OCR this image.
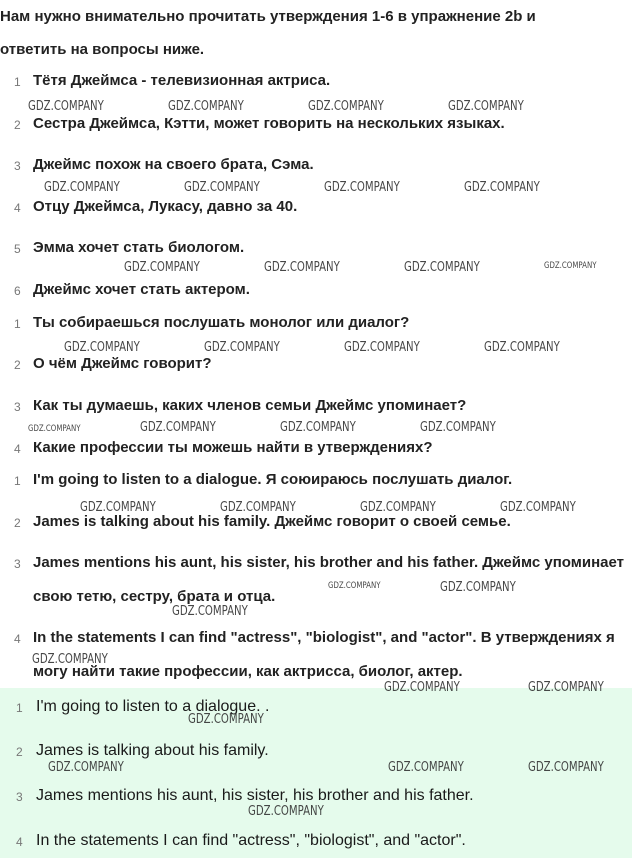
Нам нужно внимательно прочитать утверждения 1-6 в упражнение 2b и
ответить на вопросы ниже.
1 Тётя Джеймса - телевизионная актриса.
2 Сестра Джеймса, Кэтти, может говорить на нескольких языках.
3 Джеймс похож на своего брата, Сэма.
4 Отцу Джеймса, Лукасу, давно за 40.
5 Эмма хочет стать биологом.
6 Джеймс хочет стать актером.
1 Ты собираешься послушать монолог или диалог?
2 О чём Джеймс говорит?
3 Как ты думаешь, каких членов семьи Джеймс упоминает?
4 Какие профессии ты можешь найти в утверждениях?
1 I'm going to listen to a dialogue. Я союираюсь послушать диалог.
2 James is talking about his family. Джеймс говорит о своей семье.
3 James mentions his aunt, his sister, his brother and his father. Джеймс упоминает свою тетю, сестру, брата и отца.
4 In the statements I can find "actress", "biologist", and "actor". В утверждениях я могу найти такие профессии, как актрисса, биолог, актер.
1 I'm going to listen to a dialogue. .
2 James is talking about his family.
3 James mentions his aunt, his sister, his brother and his father.
4 In the statements I can find "actress", "biologist", and "actor".
GDZ.COMPANY	GDZ.COMPANY	GDZ.COMPANY	GDZ.COMPANY
GDZ.COMPANY	GDZ.COMPANY	GDZ.COMPANY	GDZ.COMPANY
GDZ.COMPANY	GDZ.COMPANY	GDZ.COMPANY	GDZ.COMPANY
GDZ.COMPANY	GDZ.COMPANY	GDZ.COMPANY	GDZ.COMPANY
GDZ.COMPANY	GDZ.COMPANY	GDZ.COMPANY	GDZ.COMPANY
GDZ.COMPANY	GDZ.COMPANY	GDZ.COMPANY	GDZ.COMPANY
GDZ.COMPANY	GDZ.COMPANY
GDZ.COMPANY
GDZ.COMPANY
GDZ.COMPANY	GDZ.COMPANY
GDZ.COMPANY
GDZ.COMPANY	GDZ.COMPANY	GDZ.COMPANY
GDZ.COMPANY
